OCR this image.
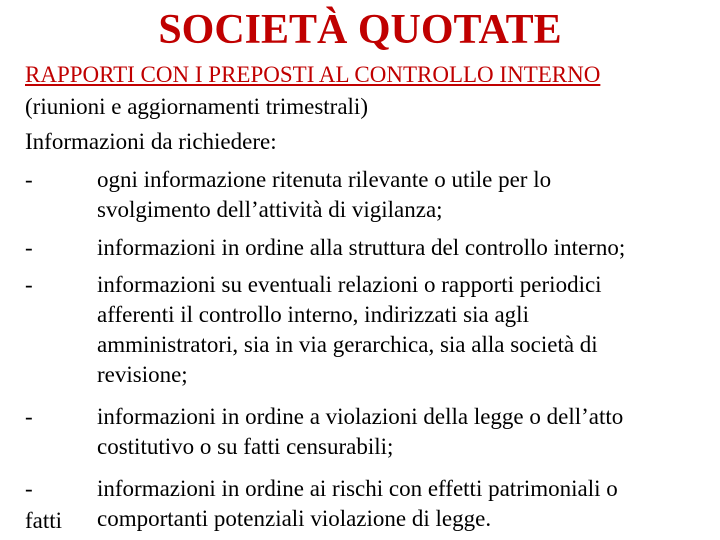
SOCIETÀ QUOTATE
RAPPORTI CON I PREPOSTI AL CONTROLLO INTERNO
(riunioni e aggiornamenti trimestrali)
Informazioni da richiedere:
-	ogni informazione ritenuta rilevante o utile per lo
svolgimento dell’attività di vigilanza;
-	informazioni in ordine alla struttura del controllo interno;
-	informazioni su eventuali relazioni o rapporti periodici
afferenti il controllo interno, indirizzati sia agli
amministratori, sia in via gerarchica, sia alla società di
revisione;
-	informazioni in ordine a violazioni della legge o dell’atto
costitutivo o su fatti censurabili;
-	informazioni in ordine ai rischi con effetti patrimoniali o
comportanti potenziali violazione di legge.
fatti
